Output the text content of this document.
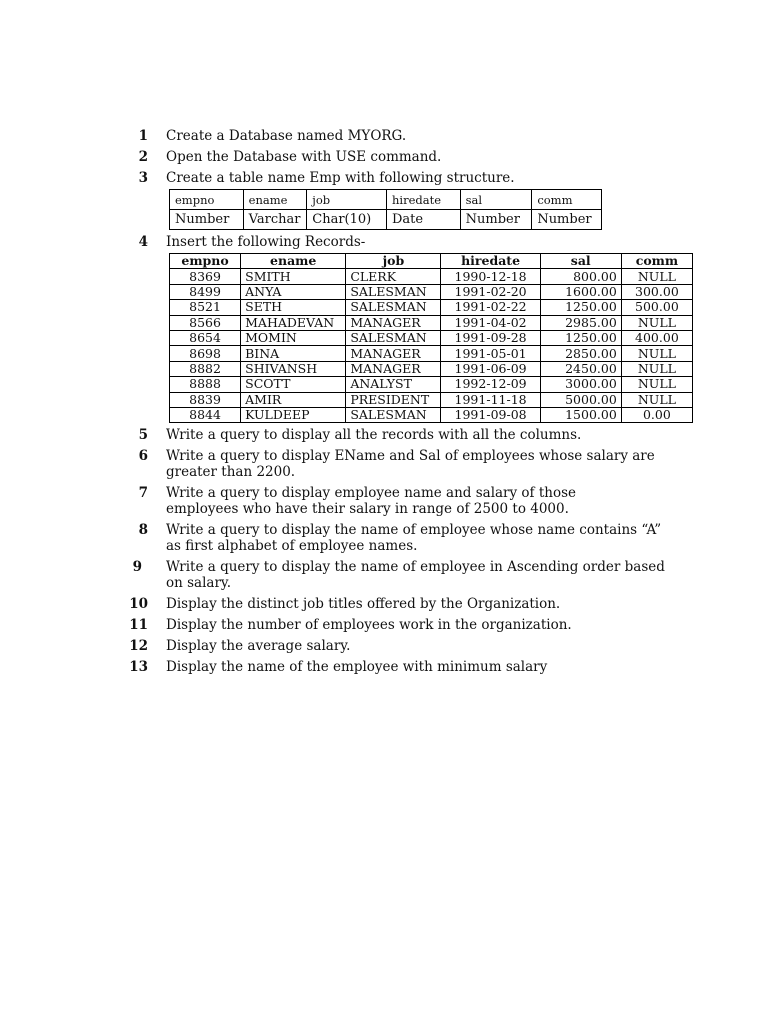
1 Create a Database named MYORG.
2 Open the Database with USE command.
3 Create a table name Emp with following structure.
empno	ename	job	hiredate	sal	comm
Number	Varchar	Char(10)	Date	Number	Number
4 Insert the following Records-
empno	ename	job	hiredate	sal	comm
8369	SMITH	CLERK	1990-12-18	800.00	NULL
8499	ANYA	SALESMAN	1991-02-20	1600.00	300.00
8521	SETH	SALESMAN	1991-02-22	1250.00	500.00
8566	MAHADEVAN	MANAGER	1991-04-02	2985.00	NULL
8654	MOMIN	SALESMAN	1991-09-28	1250.00	400.00
8698	BINA	MANAGER	1991-05-01	2850.00	NULL
8882	SHIVANSH	MANAGER	1991-06-09	2450.00	NULL
8888	SCOTT	ANALYST	1992-12-09	3000.00	NULL
8839	AMIR	PRESIDENT	1991-11-18	5000.00	NULL
8844	KULDEEP	SALESMAN	1991-09-08	1500.00	0.00
5 Write a query to display all the records with all the columns.
6 Write a query to display EName and Sal of employees whose salary are greater than 2200.
7 Write a query to display employee name and salary of those employees who have their salary in range of 2500 to 4000.
8 Write a query to display the name of employee whose name contains “A” as first alphabet of employee names.
9 Write a query to display the name of employee in Ascending order based on salary.
10 Display the distinct job titles offered by the Organization.
11 Display the number of employees work in the organization.
12 Display the average salary.
13 Display the name of the employee with minimum salary
